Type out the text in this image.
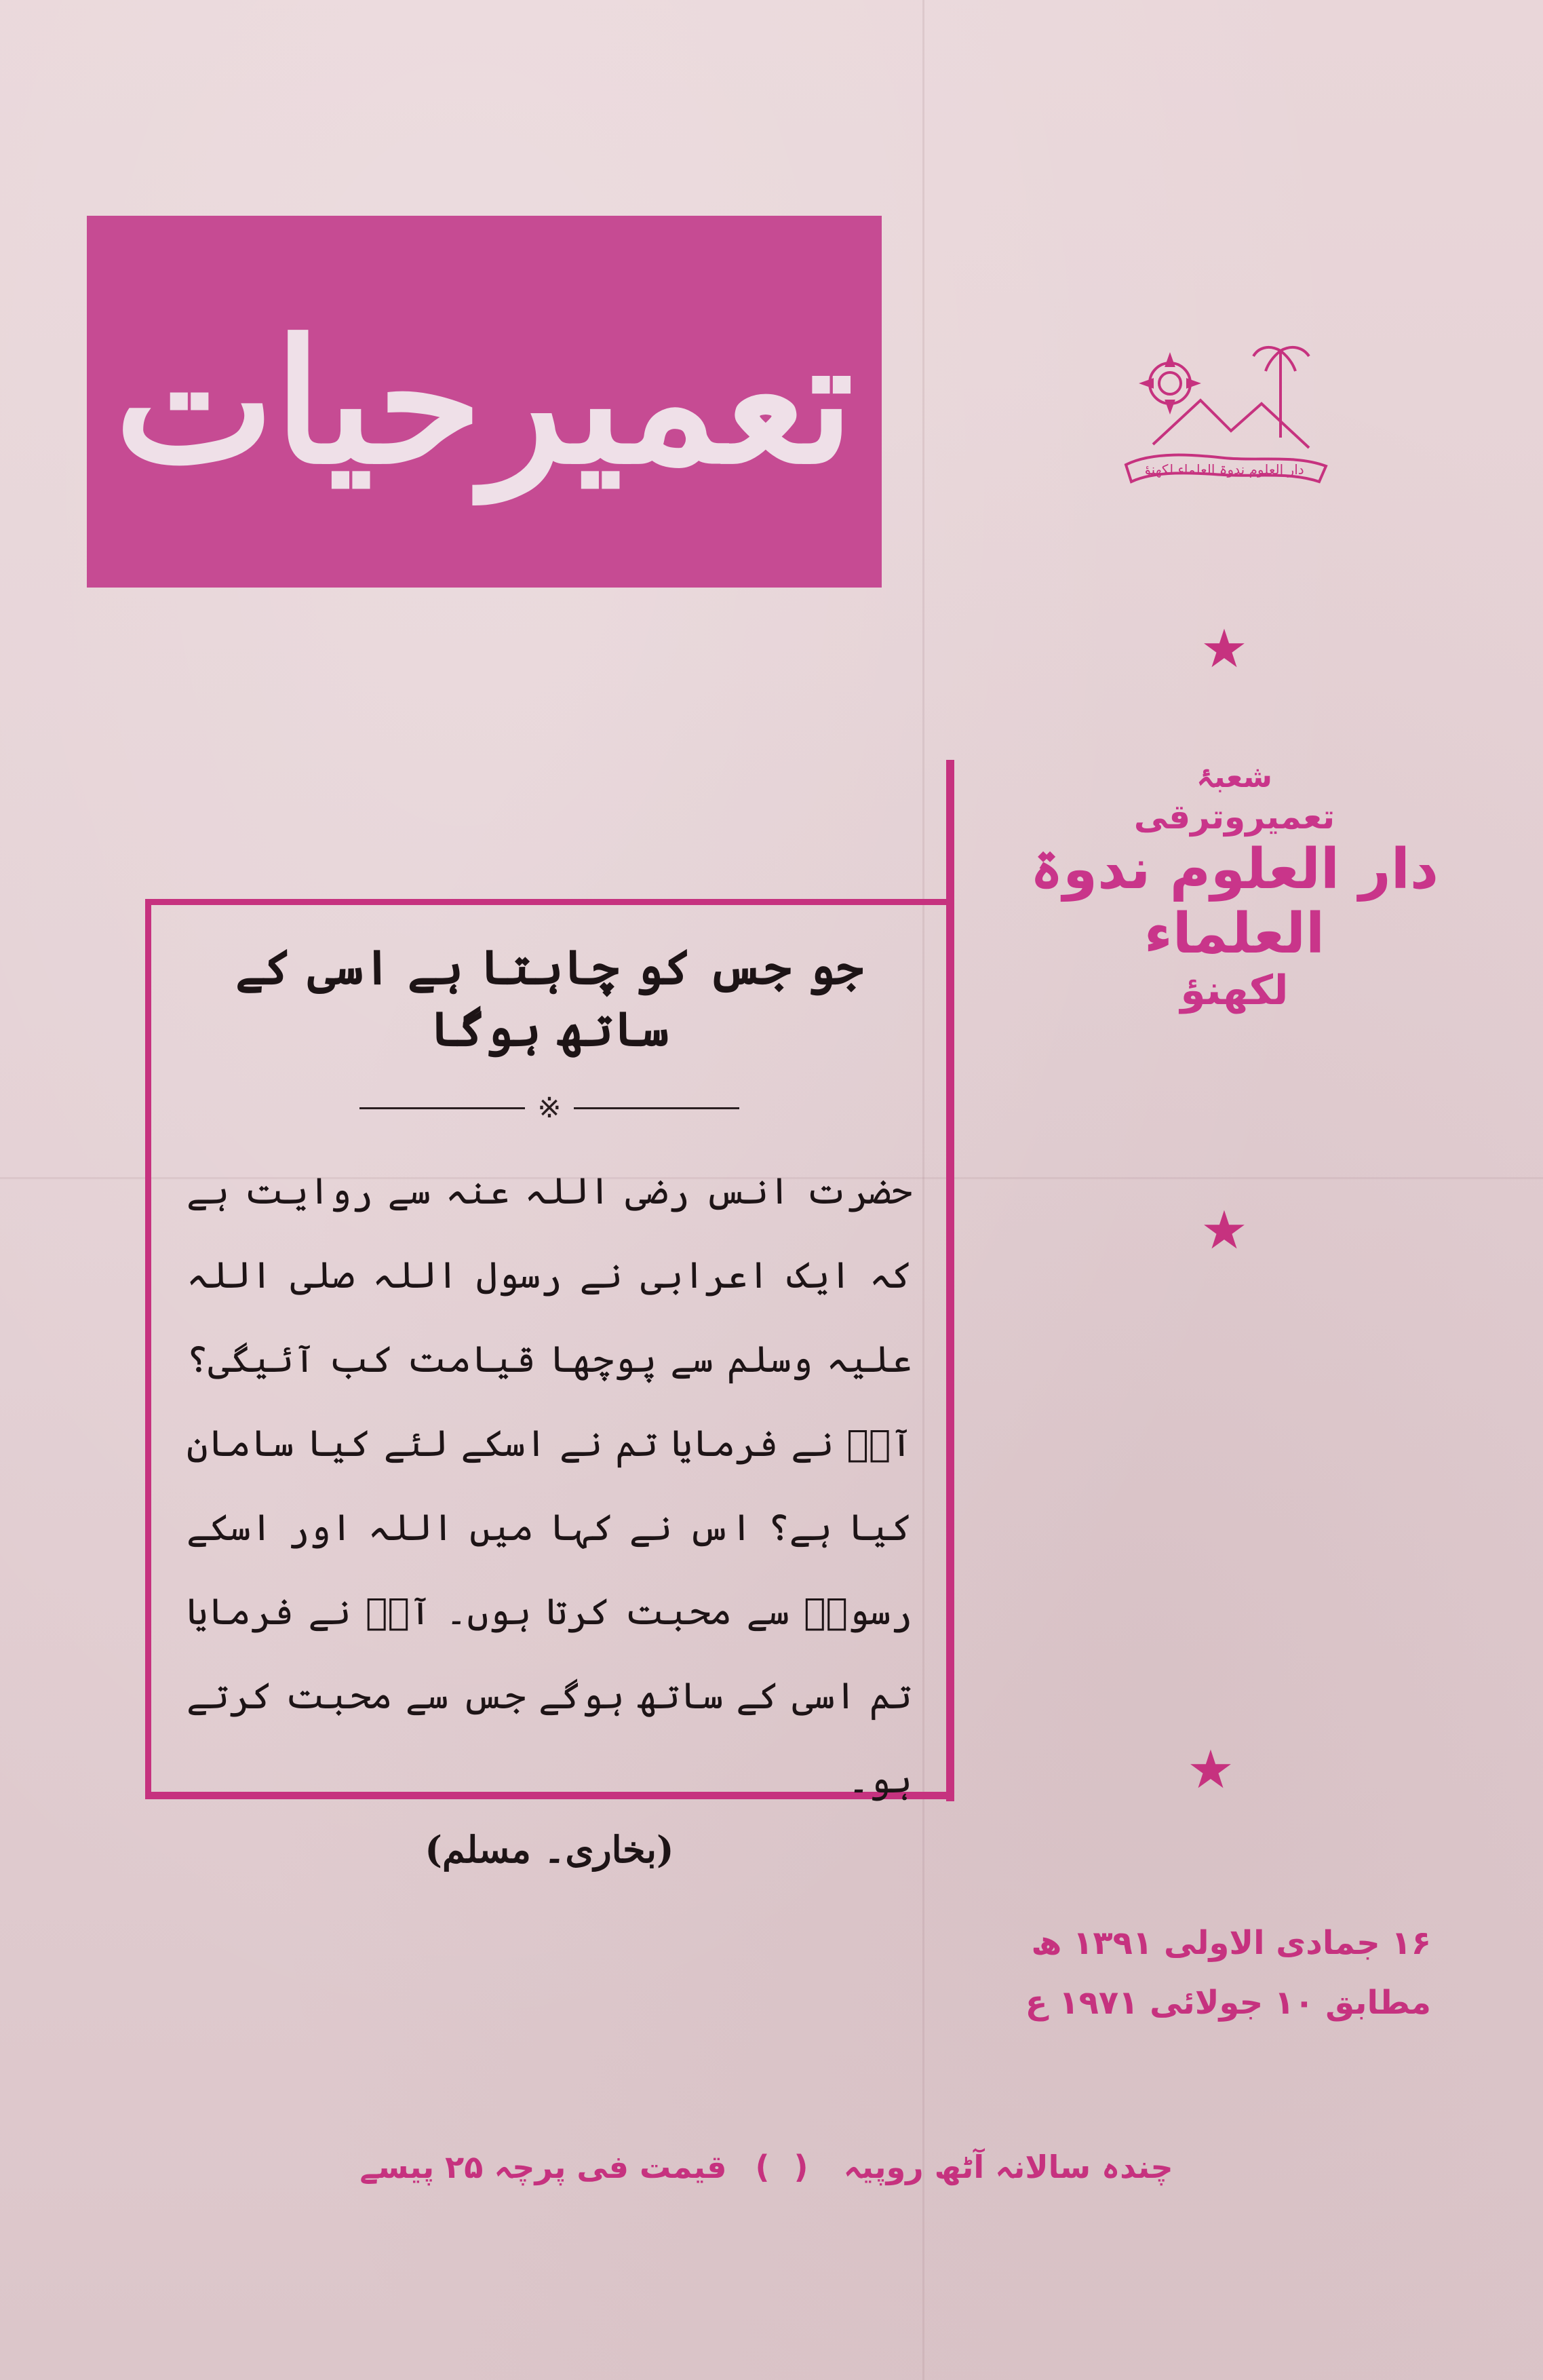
تعمیرحیات	دار العلوم ندوۃ العلماء لکھنؤ
★
★
★
شعبۂ
تعمیروترقی
دار العلوم ندوۃ العلماء
لکھنؤ
جو جس کو چاہتا ہے اسی کے ساتھ ہوگا
※

حضرت انس رضی اللہ عنہ سے روایت ہے کہ ایک اعرابی نے رسول اللہ صلی اللہ علیہ وسلم سے پوچھا قیامت کب آئیگی؟ آپؐ نے فرمایا تم نے اسکے لئے کیا سامان کیا ہے؟ اس نے کہا میں اللہ اور اسکے رسولؐ سے محبت کرتا ہوں۔ آپؐ نے فرمایا تم اسی کے ساتھ ہوگے جس سے محبت کرتے ہو۔

(بخاری۔ مسلم)
۱۶ جمادی الاولی ۱۳۹۱ ھ
مطابق ۱۰ جولائی ۱۹۷۱ ع
چندہ سالانہ آٹھ روپیہ ( ) قیمت فی پرچہ ۲۵ پیسے
